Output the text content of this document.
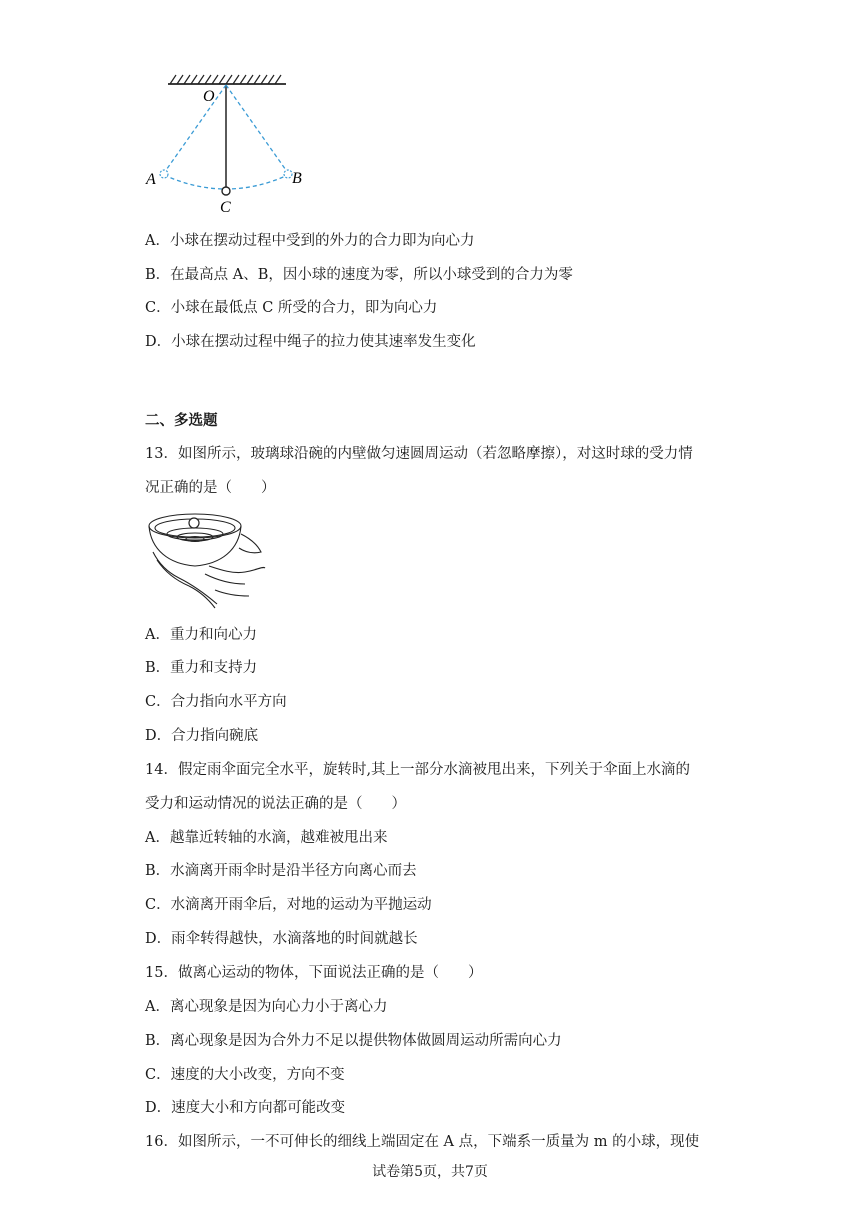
O
A	B
C
A．小球在摆动过程中受到的外力的合力即为向心力
B．在最高点 A、B，因小球的速度为零，所以小球受到的合力为零
C．小球在最低点 C 所受的合力，即为向心力
D．小球在摆动过程中绳子的拉力使其速率发生变化
二、多选题
13．如图所示，玻璃球沿碗的内壁做匀速圆周运动（若忽略摩擦），对这时球的受力情
况正确的是（　　）
A．重力和向心力
B．重力和支持力
C．合力指向水平方向
D．合力指向碗底
14．假定雨伞面完全水平，旋转时,其上一部分水滴被甩出来，下列关于伞面上水滴的
受力和运动情况的说法正确的是（　　）
A．越靠近转轴的水滴，越难被甩出来
B．水滴离开雨伞时是沿半径方向离心而去
C．水滴离开雨伞后，对地的运动为平抛运动
D．雨伞转得越快，水滴落地的时间就越长
15．做离心运动的物体，下面说法正确的是（　　）
A．离心现象是因为向心力小于离心力
B．离心现象是因为合外力不足以提供物体做圆周运动所需向心力
C．速度的大小改变，方向不变
D．速度大小和方向都可能改变
16．如图所示，一不可伸长的细线上端固定在 A 点，下端系一质量为 m 的小球，现使
试卷第5页，共7页
